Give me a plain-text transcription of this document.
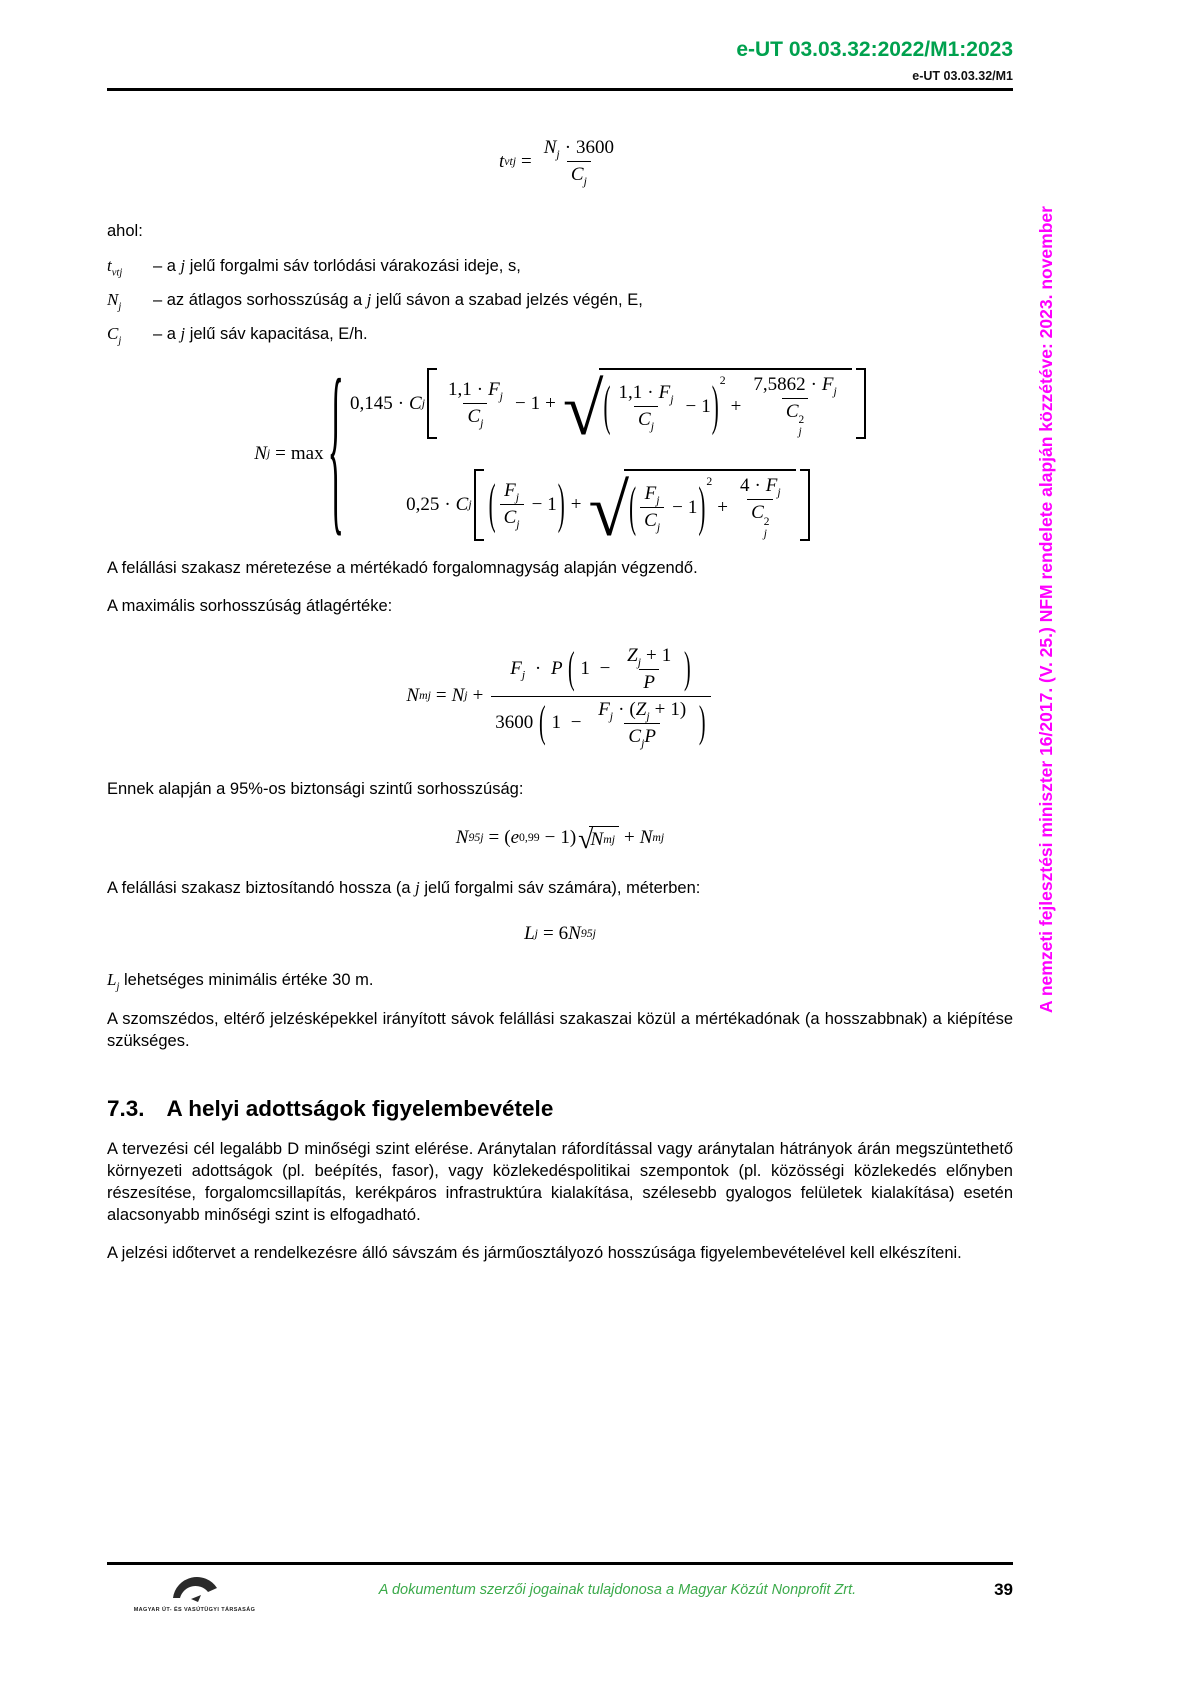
e-UT 03.03.32:2022/M1:2023
e-UT 03.03.32/M1
t vtj = $\frac{N_j \cdot 3600}{C_j}$
ahol:
$t_{vtj}$	– a j jelű forgalmi sáv torlódási várakozási ideje, s,
$N_j$	– az átlagos sorhosszúság a j jelű sávon a szabad jelzés végén, E,
$C_j$	– a j jelű sáv kapacitása, E/h.
N j = max { 0,145 · C j $\frac{1,1 \cdot F_j}{C_j} - 1$ + √ ( $\frac{1,1 \cdot F_j}{C_j} - 1$ ) 2
+ $7,5862 \cdot F_j$
C 2
j
0,25 · C j ( $\frac{F_j}{C_j} - 1$ ) + √ ( $\frac{F_j}{C_j} - 1$ ) 2
+ $4 \cdot F_j$
C 2
j
A felállási szakasz méretezése a mértékadó forgalomnagyság alapján végzendő.
A maximális sorhosszúság átlagértéke:
N mj = N j +
$F_j \cdot P$ ( $1 - \frac{Z_j + 1}{P}$ )
3600 ( $1 - \frac{F_j \cdot (Z_j + 1)}{C_jP}$ )
Ennek alapján a 95%-os biztonsági szintű sorhosszúság:
N 95j = ( e 0,99 − 1 ) √
N mj + N mj
A felállási szakasz biztosítandó hossza (a j jelű forgalmi sáv számára), méterben:
L j = 6 N 95j
$L_j$ lehetséges minimális értéke 30 m.
A szomszédos, eltérő jelzésképekkel irányított sávok felállási szakaszai közül a mértékadónak (a hosszabbnak) a kiépítése szükséges.
7.3. A helyi adottságok figyelembevétele
A tervezési cél legalább D minőségi szint elérése. Aránytalan ráfordítással vagy aránytalan hátrányok árán megszüntethető környezeti adottságok (pl. beépítés, fasor), vagy közlekedéspolitikai szempontok (pl. közösségi közlekedés előnyben részesítése, forgalomcsillapítás, kerékpáros infrastruktúra kialakítása, szélesebb gyalogos felületek kialakítása) esetén alacsonyabb minőségi szint is elfogadható.
A jelzési időtervet a rendelkezésre álló sávszám és járműosztályozó hosszúsága figyelembevételével kell elkészíteni.
A nemzeti fejlesztési miniszter 16/2017. (V. 25.) NFM rendelete alapján közzétéve: 2023. november
MAGYAR ÚT- ÉS VASÚTÜGYI TÁRSASÁG
A dokumentum szerzői jogainak tulajdonosa a Magyar Közút Nonprofit Zrt.	39
